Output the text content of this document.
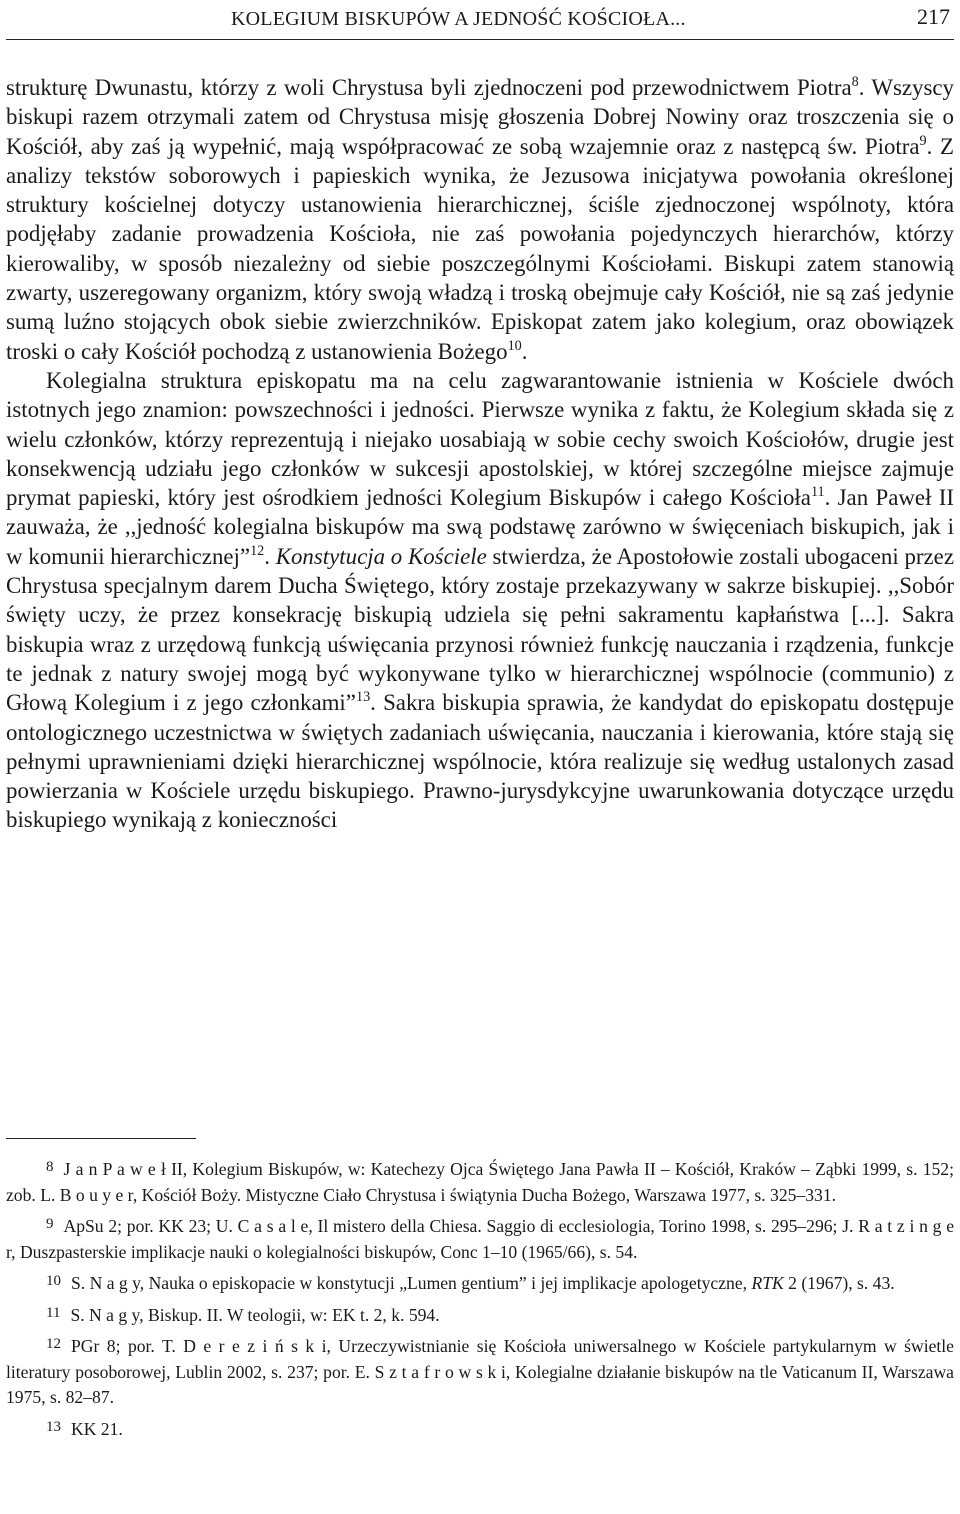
KOLEGIUM BISKUPÓW A JEDNOŚĆ KOŚCIOŁA...	217

strukturę Dwunastu, którzy z woli Chrystusa byli zjednoczeni pod przewodnictwem Piotra$^8$. Wszyscy biskupi razem otrzymali zatem od Chrystusa misję głoszenia Dobrej Nowiny oraz troszczenia się o Kościół, aby zaś ją wypełnić, mają współpracować ze sobą wzajemnie oraz z następcą św. Piotra$^9$. Z analizy tekstów soborowych i papieskich wynika, że Jezusowa inicjatywa powołania określonej struktury kościelnej dotyczy ustanowienia hierarchicznej, ściśle zjednoczonej wspólnoty, która podjęłaby zadanie prowadzenia Kościoła, nie zaś powołania pojedynczych hierarchów, którzy kierowaliby, w sposób niezależny od siebie poszczególnymi Kościołami. Biskupi zatem stanowią zwarty, uszeregowany organizm, który swoją władzą i troską obejmuje cały Kościół, nie są zaś jedynie sumą luźno stojących obok siebie zwierzchników. Episkopat zatem jako kolegium, oraz obowiązek troski o cały Kościół pochodzą z ustanowienia Bożego$^{10}$.

Kolegialna struktura episkopatu ma na celu zagwarantowanie istnienia w Kościele dwóch istotnych jego znamion: powszechności i jedności. Pierwsze wynika z faktu, że Kolegium składa się z wielu członków, którzy reprezentują i niejako uosabiają w sobie cechy swoich Kościołów, drugie jest konsekwencją udziału jego członków w sukcesji apostolskiej, w której szczególne miejsce zajmuje prymat papieski, który jest ośrodkiem jedności Kolegium Biskupów i całego Kościoła$^{11}$. Jan Paweł II zauważa, że ,,jedność kolegialna biskupów ma swą podstawę zarówno w święceniach biskupich, jak i w komunii hierarchicznej”$^{12}$. Konstytucja o Kościele stwierdza, że Apostołowie zostali ubogaceni przez Chrystusa specjalnym darem Ducha Świętego, który zostaje przekazywany w sakrze biskupiej. ,,Sobór święty uczy, że przez konsekrację biskupią udziela się pełni sakramentu kapłaństwa [...]. Sakra biskupia wraz z urzędową funkcją uświęcania przynosi również funkcję nauczania i rządzenia, funkcje te jednak z natury swojej mogą być wykonywane tylko w hierarchicznej wspólnocie (communio) z Głową Kolegium i z jego członkami”$^{13}$. Sakra biskupia sprawia, że kandydat do episkopatu dostępuje ontologicznego uczestnictwa w świętych zadaniach uświęcania, nauczania i kierowania, które stają się pełnymi uprawnieniami dzięki hierarchicznej wspólnocie, która realizuje się według ustalonych zasad powierzania w Kościele urzędu biskupiego. Prawno-jurysdykcyjne uwarunkowania dotyczące urzędu biskupiego wynikają z konieczności

8 J a n P a w e ł II, Kolegium Biskupów, w: Katechezy Ojca Świętego Jana Pawła II – Kościół, Kraków – Ząbki 1999, s. 152; zob. L. B o u y e r, Kościół Boży. Mistyczne Ciało Chrystusa i świątynia Ducha Bożego, Warszawa 1977, s. 325–331.

9 ApSu 2; por. KK 23; U. C a s a l e, Il mistero della Chiesa. Saggio di ecclesiologia, Torino 1998, s. 295–296; J. R a t z i n g e r, Duszpasterskie implikacje nauki o kolegialności biskupów, Conc 1–10 (1965/66), s. 54.

10 S. N a g y, Nauka o episkopacie w konstytucji „Lumen gentium” i jej implikacje apologetyczne, RTK 2 (1967), s. 43.

11 S. N a g y, Biskup. II. W teologii, w: EK t. 2, k. 594.

12 PGr 8; por. T. D e r e z i ń s k i, Urzeczywistnianie się Kościoła uniwersalnego w Kościele partykularnym w świetle literatury posoborowej, Lublin 2002, s. 237; por. E. S z t a f r o w s k i, Kolegialne działanie biskupów na tle Vaticanum II, Warszawa 1975, s. 82–87.

13 KK 21.
